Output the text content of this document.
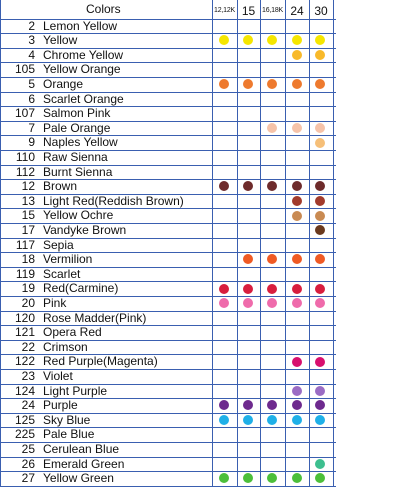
Colors	12,12K 15 16,18K 24 30
2 Lemon Yellow
3 Yellow
4 Chrome Yellow
105 Yellow Orange
5 Orange
6 Scarlet Orange
107 Salmon Pink
7 Pale Orange
9 Naples Yellow
110 Raw Sienna
112 Burnt Sienna
12 Brown
13 Light Red(Reddish Brown)
15 Yellow Ochre
17 Vandyke Brown
117 Sepia
18 Vermilion
119 Scarlet
19 Red(Carmine)
20 Pink
120 Rose Madder(Pink)
121 Opera Red
22 Crimson
122 Red Purple(Magenta)
23 Violet
124 Light Purple
24 Purple
125 Sky Blue
225 Pale Blue
25 Cerulean Blue
26 Emerald Green
27 Yellow Green
